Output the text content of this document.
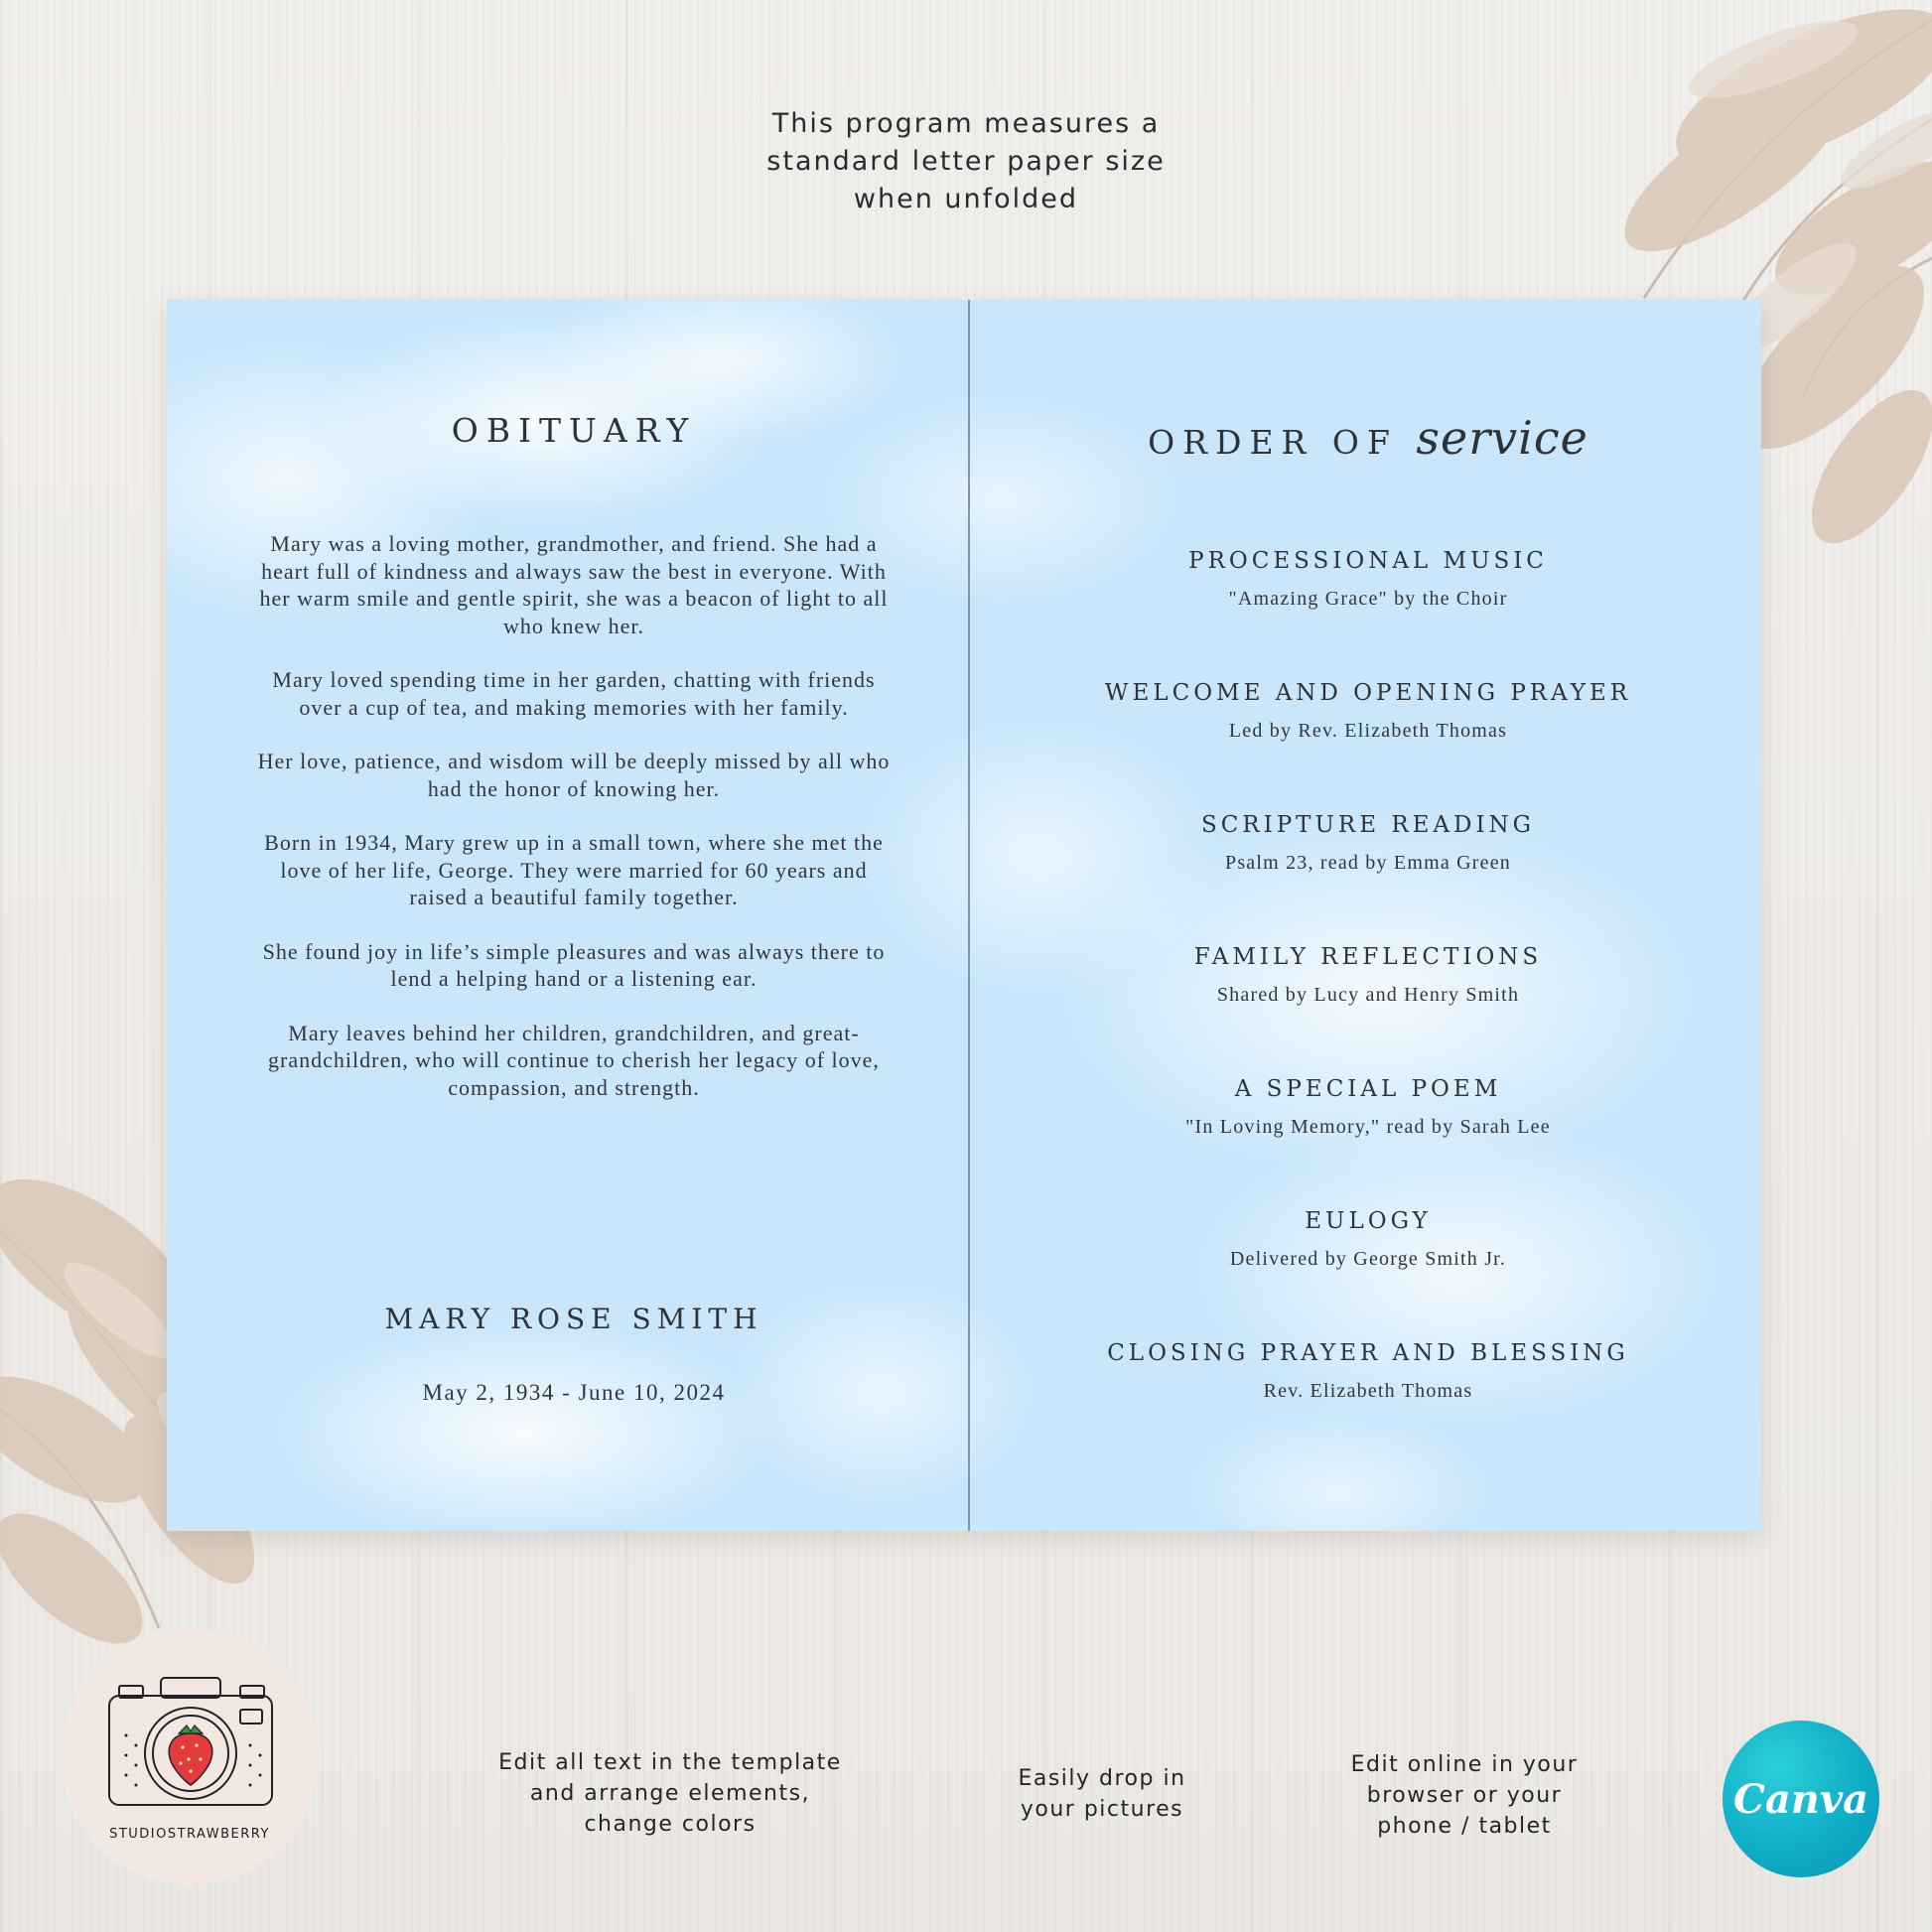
This program measures a
standard letter paper size
when unfolded
OBITUARY

Mary was a loving mother, grandmother, and friend. She had a heart full of kindness and always saw the best in everyone. With her warm smile and gentle spirit, she was a beacon of light to all who knew her.

Mary loved spending time in her garden, chatting with friends over a cup of tea, and making memories with her family.

Her love, patience, and wisdom will be deeply missed by all who had the honor of knowing her.

Born in 1934, Mary grew up in a small town, where she met the love of her life, George. They were married for 60 years and raised a beautiful family together.

She found joy in life’s simple pleasures and was always there to lend a helping hand or a listening ear.

Mary leaves behind her children, grandchildren, and great-grandchildren, who will continue to cherish her legacy of love, compassion, and strength.

MARY ROSE SMITH
May 2, 1934 - June 10, 2024
ORDER OF service
PROCESSIONAL MUSIC
"Amazing Grace" by the Choir
WELCOME AND OPENING PRAYER
Led by Rev. Elizabeth Thomas
SCRIPTURE READING
Psalm 23, read by Emma Green
FAMILY REFLECTIONS
Shared by Lucy and Henry Smith
A SPECIAL POEM
"In Loving Memory," read by Sarah Lee
EULOGY
Delivered by George Smith Jr.
CLOSING PRAYER AND BLESSING
Rev. Elizabeth Thomas
STUDIOSTRAWBERRY
Edit all text in the template
and arrange elements,
change colors
Easily drop in
your pictures
Edit online in your
browser or your
phone / tablet
Canva
